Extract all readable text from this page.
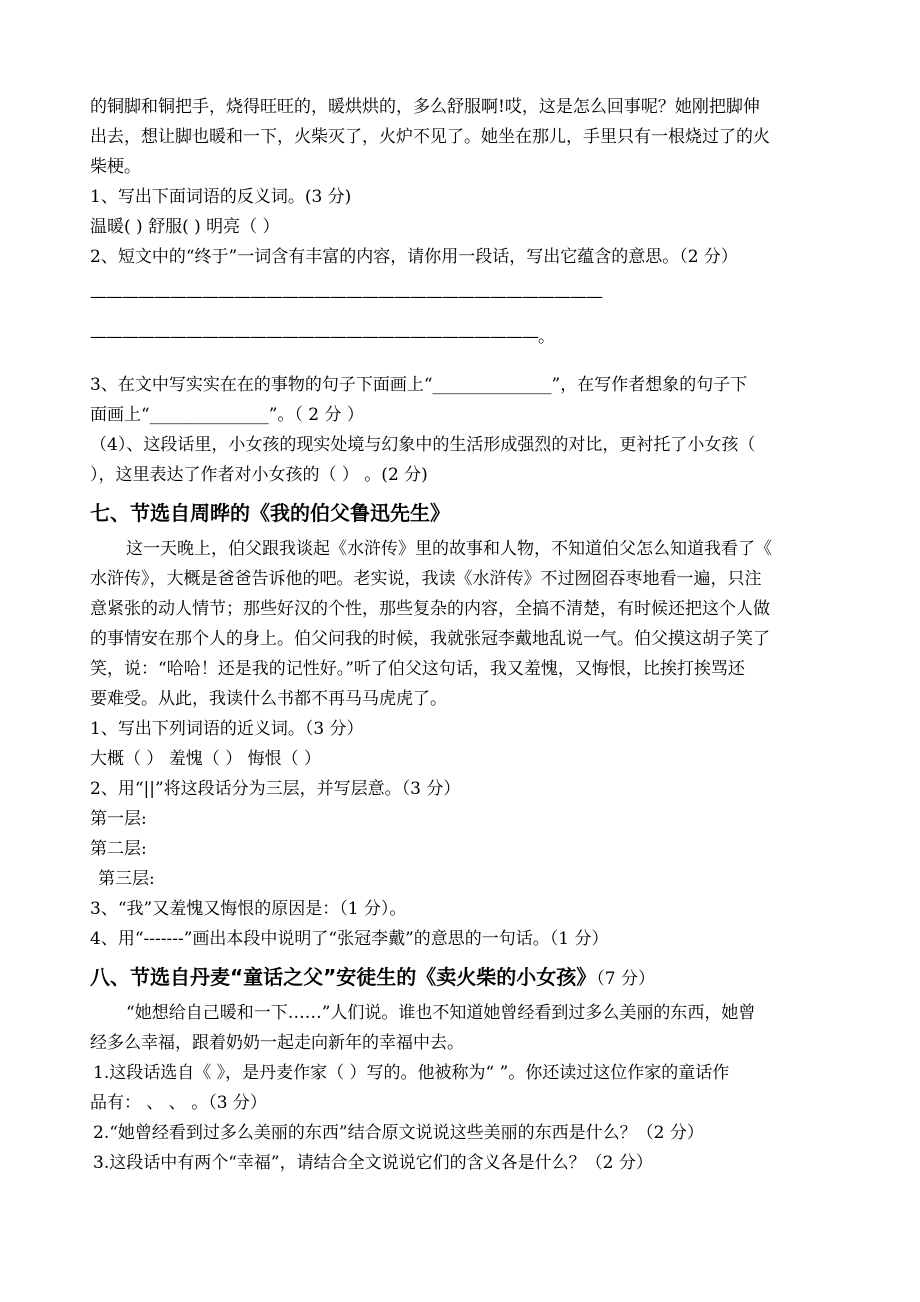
的铜脚和铜把手，烧得旺旺的，暖烘烘的，多么舒服啊!哎，这是怎么回事呢？她刚把脚伸
出去，想让脚也暖和一下，火柴灭了，火炉不见了。她坐在那儿，手里只有一根烧过了的火
柴梗。
1、写出下面词语的反义词。(3 分)
温暖( ) 舒服( ) 明亮（ ）
2、短文中的“终于”一词含有丰富的内容，请你用一段话，写出它蕴含的意思。（2 分）
————————————————————————————————
————————————————————————————。
3、在文中写实实在在的事物的句子下面画上“______________”，在写作者想象的句子下
面画上“______________”。（ 2 分 ）
（4）、这段话里，小女孩的现实处境与幻象中的生活形成强烈的对比，更衬托了小女孩（
），这里表达了作者对小女孩的（ ） 。(2 分)
七、节选自周晔的《我的伯父鲁迅先生》
这一天晚上，伯父跟我谈起《水浒传》里的故事和人物，不知道伯父怎么知道我看了《
水浒传》，大概是爸爸告诉他的吧。老实说，我读《水浒传》不过囫囵吞枣地看一遍，只注
意紧张的动人情节；那些好汉的个性，那些复杂的内容，全搞不清楚，有时候还把这个人做
的事情安在那个人的身上。伯父问我的时候，我就张冠李戴地乱说一气。伯父摸这胡子笑了
笑，说：“哈哈！还是我的记性好。”听了伯父这句话，我又羞愧，又悔恨，比挨打挨骂还
要难受。从此，我读什么书都不再马马虎虎了。
1、写出下列词语的近义词。（3 分）
大概（ ） 羞愧（ ） 悔恨（ ）
2、用“||”将这段话分为三层，并写层意。（3 分）
第一层:
第二层:
第三层:
3、“我”又羞愧又悔恨的原因是：（1 分）。
4、用“-------”画出本段中说明了“张冠李戴”的意思的一句话。（1 分）
八、节选自丹麦“童话之父”安徒生的《卖火柴的小女孩》（7 分）
“她想给自己暖和一下……”人们说。谁也不知道她曾经看到过多么美丽的东西，她曾
经多么幸福，跟着奶奶一起走向新年的幸福中去。
1.这段话选自《 》，是丹麦作家（ ）写的。他被称为“ ”。你还读过这位作家的童话作
品有： 、 、 。（3 分）
2.“她曾经看到过多么美丽的东西”结合原文说说这些美丽的东西是什么？（2 分）
3.这段话中有两个“幸福”，请结合全文说说它们的含义各是什么？（2 分）
